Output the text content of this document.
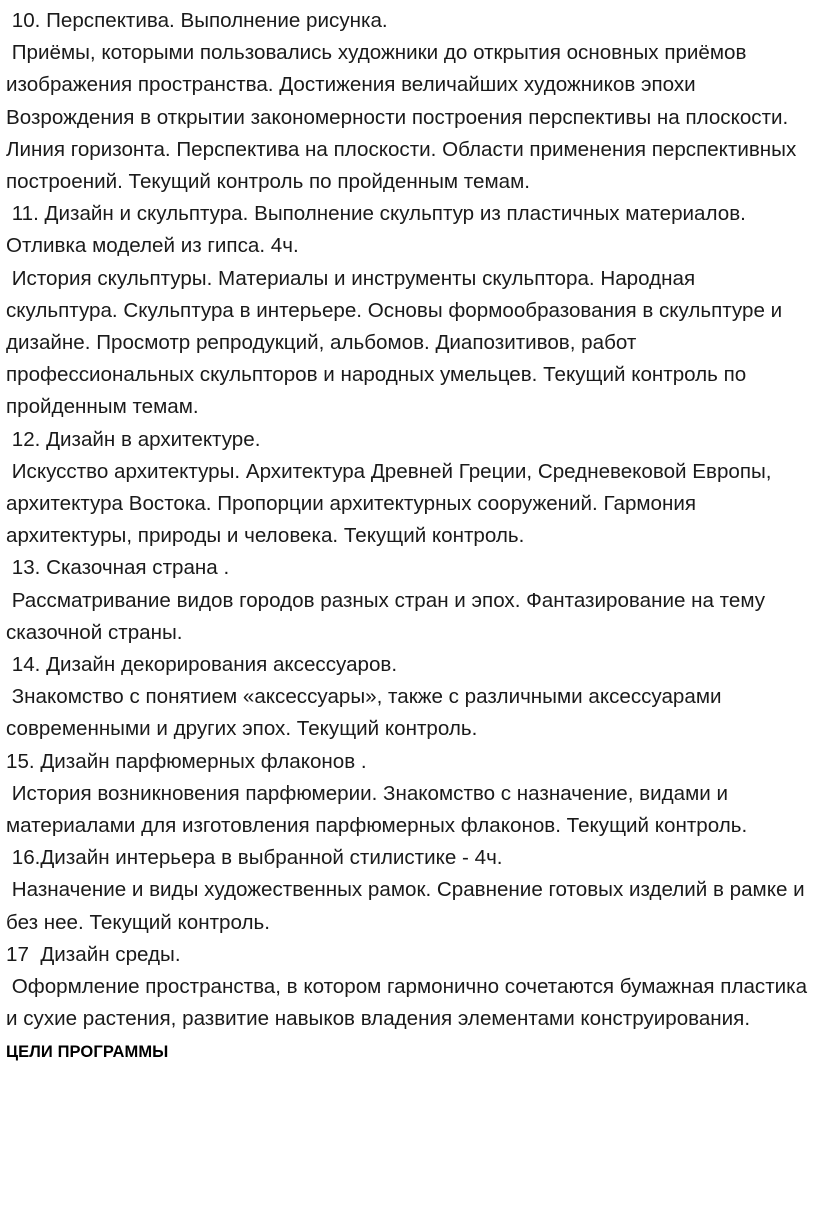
10. Перспектива. Выполнение рисунка.

Приёмы, которыми пользовались художники до открытия основных приёмов изображения пространства. Достижения величайших художников эпохи Возрождения в открытии закономерности построения перспективы на плоскости. Линия горизонта. Перспектива на плоскости. Области применения перспективных построений. Текущий контроль по пройденным темам.

11. Дизайн и скульптура. Выполнение скульптур из пластичных материалов. Отливка моделей из гипса. 4ч.

История скульптуры. Материалы и инструменты скульптора. Народная скульптура. Скульптура в интерьере. Основы формообразования в скульптуре и дизайне. Просмотр репродукций, альбомов. Диапозитивов, работ профессиональных скульпторов и народных умельцев. Текущий контроль по пройденным темам.

12. Дизайн в архитектуре.

Искусство архитектуры. Архитектура Древней Греции, Средневековой Европы, архитектура Востока. Пропорции архитектурных сооружений. Гармония архитектуры, природы и человека. Текущий контроль.

13. Сказочная страна .

Рассматривание видов городов разных стран и эпох. Фантазирование на тему сказочной страны.

14. Дизайн декорирования аксессуаров.

Знакомство с понятием «аксессуары», также с различными аксессуарами современными и других эпох. Текущий контроль.

15. Дизайн парфюмерных флаконов .

История возникновения парфюмерии. Знакомство с назначение, видами и материалами для изготовления парфюмерных флаконов. Текущий контроль.

16.Дизайн интерьера в выбранной стилистике - 4ч.

Назначение и виды художественных рамок. Сравнение готовых изделий в рамке и без нее. Текущий контроль.

17  Дизайн среды.

Оформление пространства, в котором гармонично сочетаются бумажная пластика и сухие растения, развитие навыков владения элементами конструирования.

ЦЕЛИ ПРОГРАММЫ
